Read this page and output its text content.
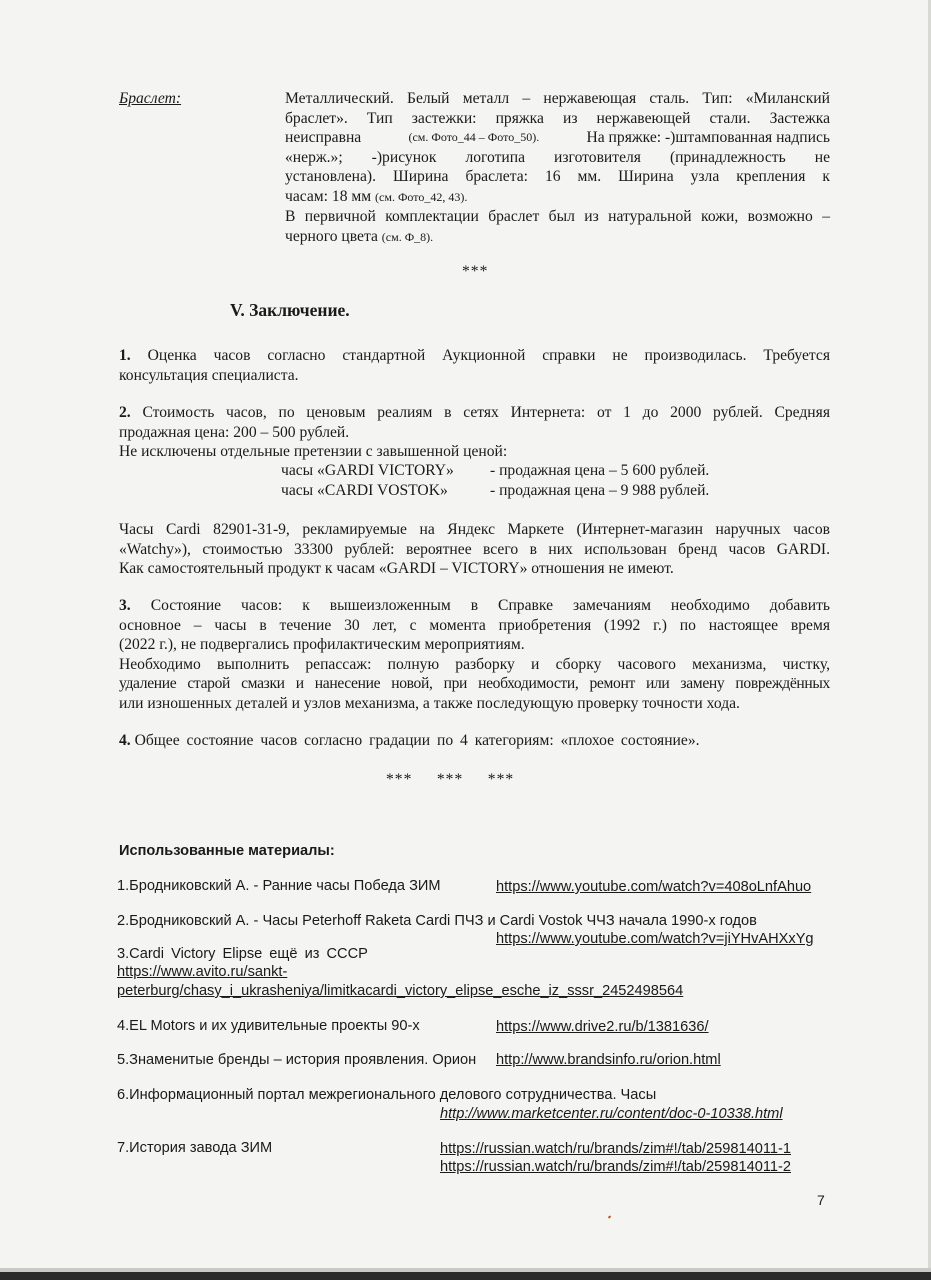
Браслет:	Металлический. Белый металл – нержавеющая сталь. Тип: «Миланский
браслет». Тип застежки: пряжка из нержавеющей стали. Застежка
неисправна	(см. Фото_44 – Фото_50).	На пряжке: -)штампованная надпись
«нерж.»; -)рисунок логотипа изготовителя (принадлежность не
установлена). Ширина браслета: 16 мм. Ширина узла крепления к
часам: 18 мм (см. Фото_42, 43).
В первичной комплектации браслет был из натуральной кожи, возможно –
черного цвета (см. Ф_8).
***
V. Заключение.
1. Оценка часов согласно стандартной Аукционной справки не производилась. Требуется
консультация специалиста.
2. Стоимость часов, по ценовым реалиям в сетях Интернета: от 1 до 2000 рублей. Средняя
продажная цена: 200 – 500 рублей.
Не исключены отдельные претензии с завышенной ценой:
часы «GARDI VICTORY» - продажная цена – 5 600 рублей.
часы «CARDI VOSTOK»	- продажная цена – 9 988 рублей.
Часы Cardi 82901-31-9, рекламируемые на Яндекс Маркете (Интернет-магазин наручных часов
«Watchy»), стоимостью 33300 рублей: вероятнее всего в них использован бренд часов GARDI.
Как самостоятельный продукт к часам «GARDI – VICTORY» отношения не имеют.
3. Состояние часов: к вышеизложенным в Справке замечаниям необходимо добавить
основное – часы в течение 30 лет, с момента приобретения (1992 г.) по настоящее время
(2022 г.), не подвергались профилактическим мероприятиям.
Необходимо выполнить репассаж: полную разборку и сборку часового механизма, чистку,
удаление старой смазки и нанесение новой, при необходимости, ремонт или замену повреждённых
или изношенных деталей и узлов механизма, а также последующую проверку точности хода.
4. Общее состояние часов согласно градации по 4 категориям: «плохое состояние».
***     ***     ***
Использованные материалы:
1.Бродниковский А. - Ранние часы Победа ЗИМ	https://www.youtube.com/watch?v=408oLnfAhuo
2.Бродниковский А. - Часы Peterhoff Raketa Cardi ПЧЗ и Cardi Vostok ЧЧЗ начала 1990-х годов
https://www.youtube.com/watch?v=jiYHvAHXxYg
3.Cardi Victory Elipse ещё из СССР
https://www.avito.ru/sankt-
peterburg/chasy_i_ukrasheniya/limitkacardi_victory_elipse_esche_iz_sssr_2452498564
4.EL Motors и их удивительные проекты 90-х	https://www.drive2.ru/b/1381636/
5.Знаменитые бренды – история проявления. Орион http://www.brandsinfo.ru/orion.html
6.Информационный портал межрегионального делового сотрудничества. Часы
http://www.marketcenter.ru/content/doc-0-10338.html
7.История завода ЗИМ	https://russian.watch/ru/brands/zim#!/tab/259814011-1
https://russian.watch/ru/brands/zim#!/tab/259814011-2
7
